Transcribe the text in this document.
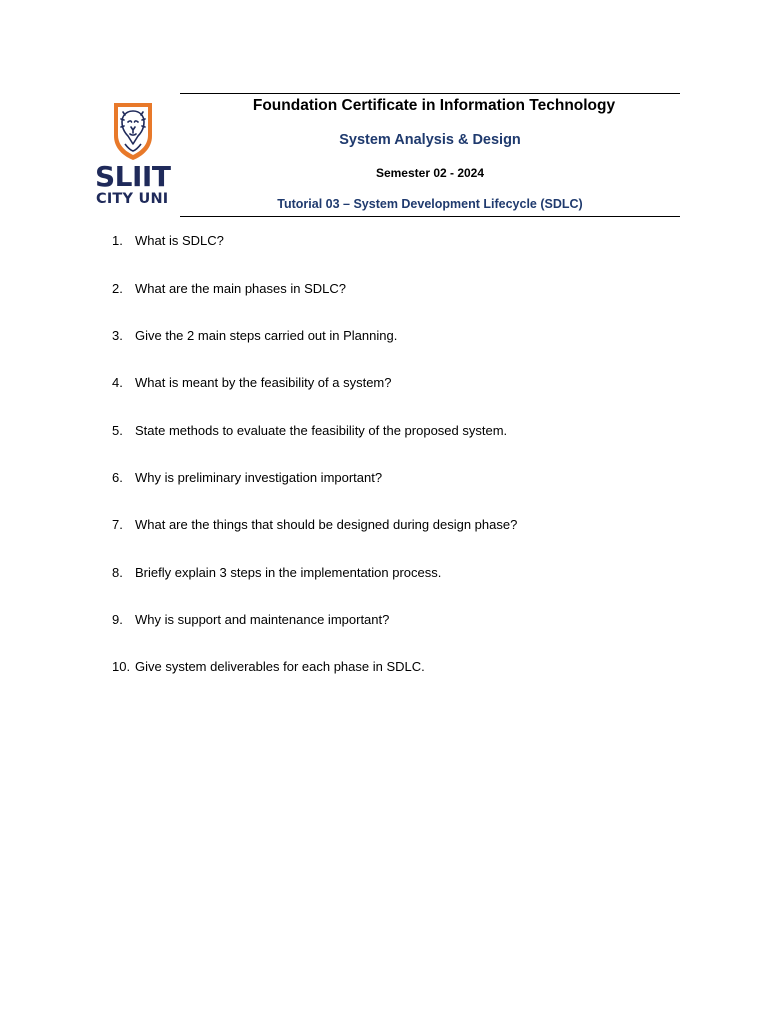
SLIIT
CITY UNI
Foundation Certificate in Information Technology
System Analysis & Design
Semester 02 - 2024
Tutorial 03 – System Development Lifecycle (SDLC)
1. What is SDLC?
2. What are the main phases in SDLC?
3. Give the 2 main steps carried out in Planning.
4. What is meant by the feasibility of a system?
5. State methods to evaluate the feasibility of the proposed system.
6. Why is preliminary investigation important?
7. What are the things that should be designed during design phase?
8. Briefly explain 3 steps in the implementation process.
9. Why is support and maintenance important?
10. Give system deliverables for each phase in SDLC.
